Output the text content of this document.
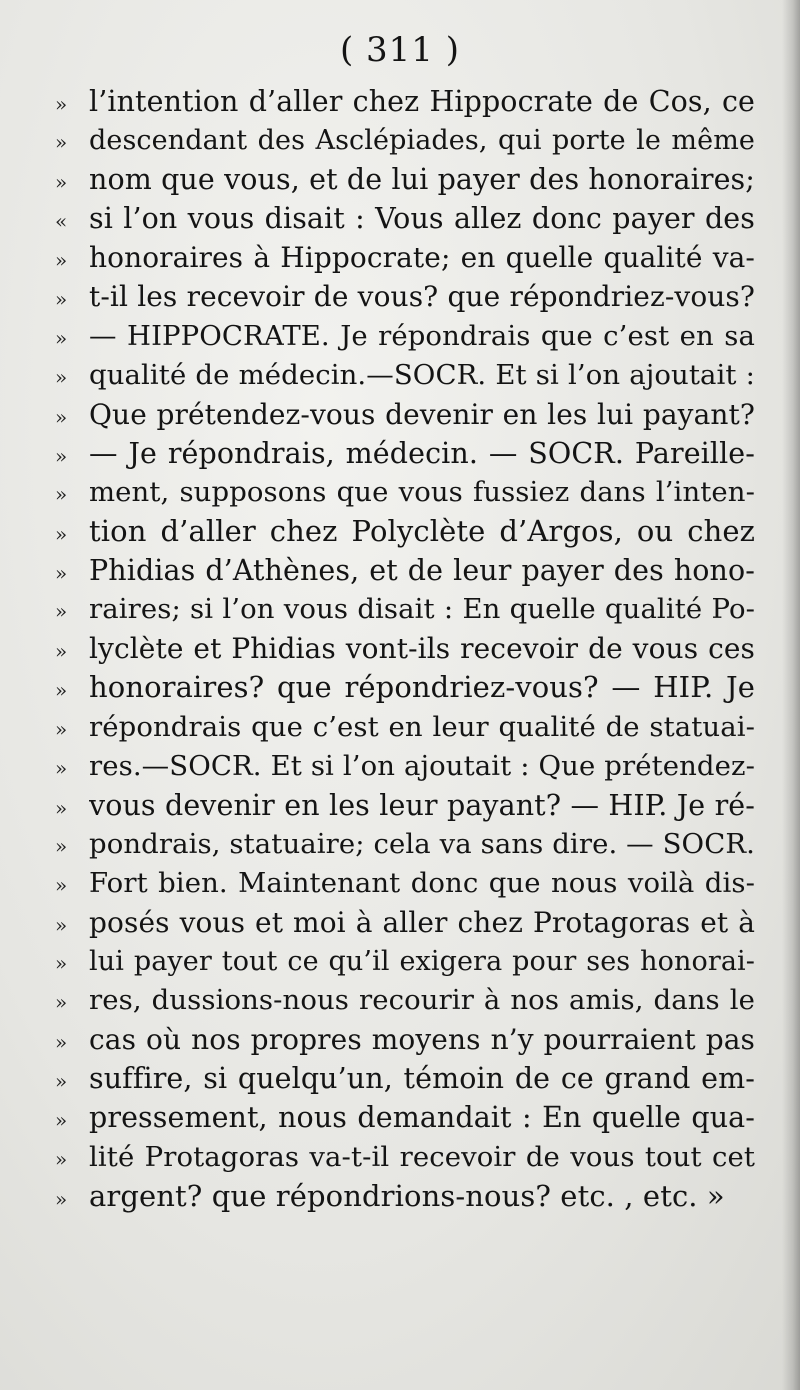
( 311 )
» l’intention d’aller chez Hippocrate de Cos, ce
» descendant des Asclépiades, qui porte le même
» nom que vous, et de lui payer des honoraires;
« si l’on vous disait : Vous allez donc payer des
» honoraires à Hippocrate; en quelle qualité va-
» t-il les recevoir de vous? que répondriez-vous?
» — HIPPOCRATE. Je répondrais que c’est en sa
» qualité de médecin.—SOCR. Et si l’on ajoutait :
» Que prétendez-vous devenir en les lui payant?
» — Je répondrais, médecin. — SOCR. Pareille-
» ment, supposons que vous fussiez dans l’inten-
» tion d’aller chez Polyclète d’Argos, ou chez
» Phidias d’Athènes, et de leur payer des hono-
» raires; si l’on vous disait : En quelle qualité Po-
» lyclète et Phidias vont-ils recevoir de vous ces
» honoraires? que répondriez-vous? — HIP. Je
» répondrais que c’est en leur qualité de statuai-
» res.—SOCR. Et si l’on ajoutait : Que prétendez-
» vous devenir en les leur payant? — HIP. Je ré-
» pondrais, statuaire; cela va sans dire. — SOCR.
» Fort bien. Maintenant donc que nous voilà dis-
» posés vous et moi à aller chez Protagoras et à
» lui payer tout ce qu’il exigera pour ses honorai-
» res, dussions-nous recourir à nos amis, dans le
» cas où nos propres moyens n’y pourraient pas
» suffire, si quelqu’un, témoin de ce grand em-
» pressement, nous demandait : En quelle qua-
» lité Protagoras va-t-il recevoir de vous tout cet
» argent? que répondrions-nous? etc. , etc. »
